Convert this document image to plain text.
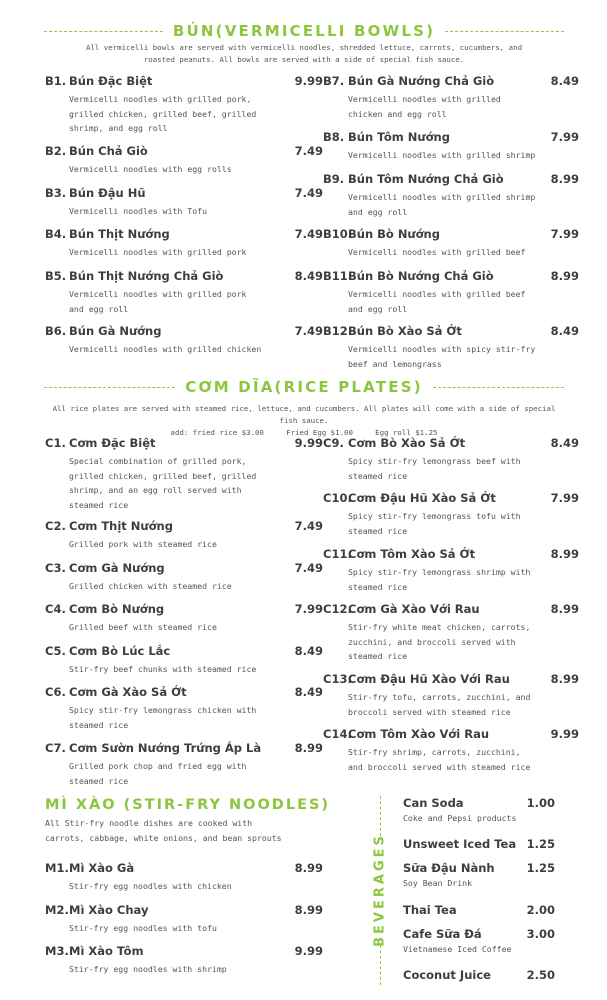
BÚN(VERMICELLI BOWLS)
All vermicelli bowls are served with vermicelli noodles, shredded lettuce, carrots, cucumbers, and
roasted peanuts. All bowls are served with a side of special fish sauce.
B1. Bún Đặc Biệt	9.99
Vermicelli noodles with grilled pork, grilled chicken, grilled beef, grilled shrimp, and egg roll
B2. Bún Chả Giò	7.49
Vermicelli noodles with egg rolls
B3. Bún Đậu Hũ	7.49
Vermicelli noodles with Tofu
B4. Bún Thịt Nướng	7.49
Vermicelli noodles with grilled pork
B5. Bún Thịt Nướng Chả Giò	8.49
Vermicelli noodles with grilled pork and egg roll
B6. Bún Gà Nướng	7.49
Vermicelli noodles with grilled chicken
B7. Bún Gà Nướng Chả Giò	8.49
Vermicelli noodles with grilled chicken and egg roll
B8. Bún Tôm Nướng	7.99
Vermicelli noodles with grilled shrimp
B9. Bún Tôm Nướng Chả Giò	8.99
Vermicelli noodles with grilled shrimp and egg roll
B10.
Bún Bò Nướng	7.99
Vermicelli noodles with grilled beef
B11.
Bún Bò Nướng Chả Giò	8.99
Vermicelli noodles with grilled beef and egg roll
B12.
Bún Bò Xào Sả Ớt	8.49
Vermicelli noodles with spicy stir-fry beef and lemongrass
CƠM DĨA(RICE PLATES)
All rice plates are served with steamed rice, lettuce, and cucumbers. All plates will come with a side of special fish sauce.
add: fried rice $3.00     Fried Egg $1.00     Egg roll $1.25
C1. Cơm Đặc Biệt	9.99
Special combination of grilled pork, grilled chicken, grilled beef, grilled shrimp, and an egg roll served with steamed rice
C2. Cơm Thịt Nướng	7.49
Grilled pork with steamed rice
C3. Cơm Gà Nướng	7.49
Grilled chicken with steamed rice
C4. Cơm Bò Nướng	7.99
Grilled beef with steamed rice
C5. Cơm Bò Lúc Lắc	8.49
Stir-fry beef chunks with steamed rice
C6. Cơm Gà Xào Sả Ớt	8.49
Spicy stir-fry lemongrass chicken with steamed rice
C7. Cơm Sườn Nướng Trứng Áp Là	8.99
Grilled pork chop and fried egg with steamed rice
C9. Cơm Bò Xào Sả Ớt	8.49
Spicy stir-fry lemongrass beef with steamed rice
C10.
Cơm Đậu Hũ Xào Sả Ớt	7.99
Spicy stir-fry lemongrass tofu with steamed rice
C11.
Cơm Tôm Xào Sả Ớt	8.99
Spicy stir-fry lemongrass shrimp with steamed rice
C12.
Cơm Gà Xào Với Rau	8.99
Stir-fry white meat chicken, carrots, zucchini, and broccoli served with steamed rice
C13.
Cơm Đậu Hũ Xào Với Rau	8.99
Stir-fry tofu, carrots, zucchini, and broccoli served with steamed rice
C14.
Cơm Tôm Xào Với Rau	9.99
Stir-fry shrimp, carrots, zucchini, and broccoli served with steamed rice
MÌ XÀO (STIR-FRY NOODLES)
All Stir-fry noodle dishes are cooked with carrots, cabbage, white onions, and bean sprouts
M1. Mì Xào Gà	8.99
Stir-fry egg noodles with chicken
M2. Mì Xào Chay	8.99
Stir-fry egg noodles with tofu
M3. Mì Xào Tôm	9.99
Stir-fry egg noodles with shrimp
BEVERAGES
Can Soda	1.00
Coke and Pepsi products
Unsweet Iced Tea 1.25
Sữa Đậu Nành	1.25
Soy Bean Drink
Thai Tea	2.00
Cafe Sữa Đá	3.00
Vietnamese Iced Coffee
Coconut Juice	2.50
